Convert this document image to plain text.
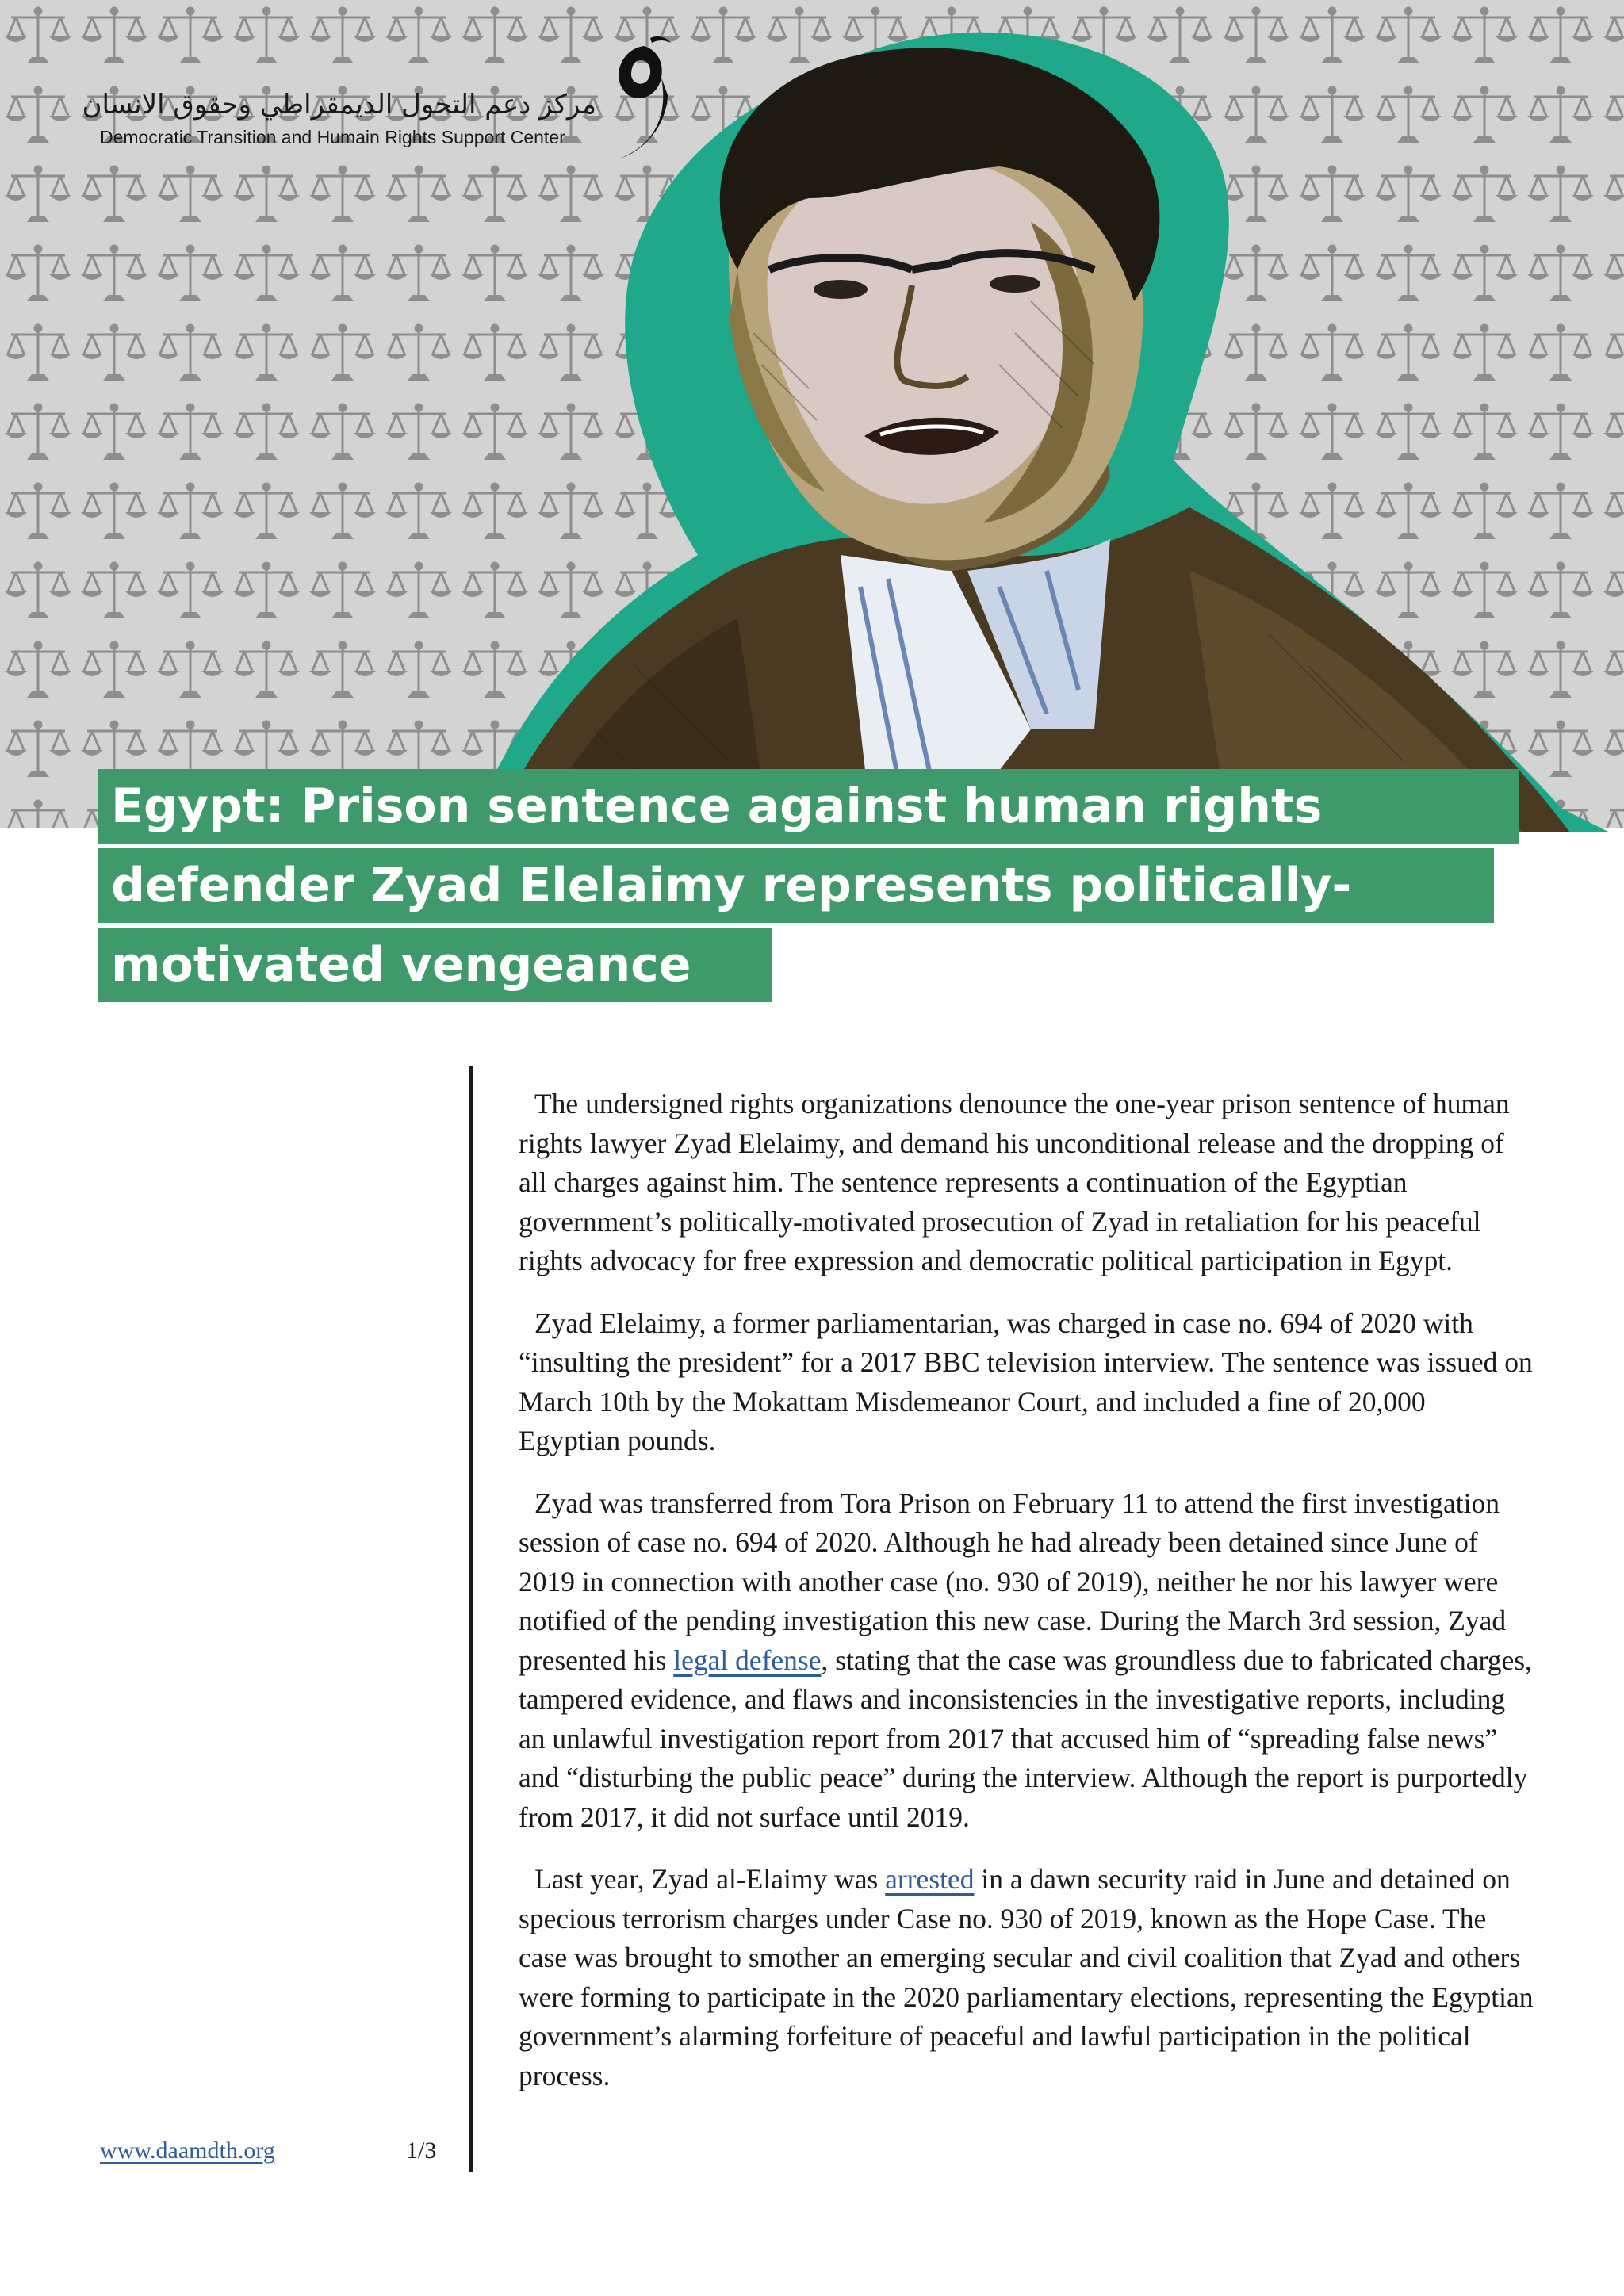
مركز دعم التحول الديمقراطي وحقوق الانسان
Democratic Transition and Humain Rights Support Center
Egypt: Prison sentence against human rights
defender Zyad Elelaimy represents politically-
motivated vengeance

The undersigned rights organizations denounce the one-year prison sentence of human rights lawyer Zyad Elelaimy, and demand his unconditional release and the dropping of all charges against him. The sentence represents a continuation of the Egyptian government’s politically-motivated prosecution of Zyad in retaliation for his peaceful rights advocacy for free expression and democratic political participation in Egypt.

Zyad Elelaimy, a former parliamentarian, was charged in case no. 694 of 2020 with “insulting the president” for a 2017 BBC television interview. The sentence was issued on March 10th by the Mokattam Misdemeanor Court, and included a fine of 20,000 Egyptian pounds.

Zyad was transferred from Tora Prison on February 11 to attend the first investigation session of case no. 694 of 2020. Although he had already been detained since June of 2019 in connection with another case (no. 930 of 2019), neither he nor his lawyer were notified of the pending investigation this new case. During the March 3rd session, Zyad presented his legal defense, stating that the case was groundless due to fabricated charges, tampered evidence, and flaws and inconsistencies in the investigative reports, including an unlawful investigation report from 2017 that accused him of “spreading false news” and “disturbing the public peace” during the interview. Although the report is purportedly from 2017, it did not surface until 2019.

Last year, Zyad al-Elaimy was arrested in a dawn security raid in June and detained on specious terrorism charges under Case no. 930 of 2019, known as the Hope Case. The case was brought to smother an emerging secular and civil coalition that Zyad and others were forming to participate in the 2020 parliamentary elections, representing the Egyptian government’s alarming forfeiture of peaceful and lawful participation in the political process.

www.daamdth.org	1/3
